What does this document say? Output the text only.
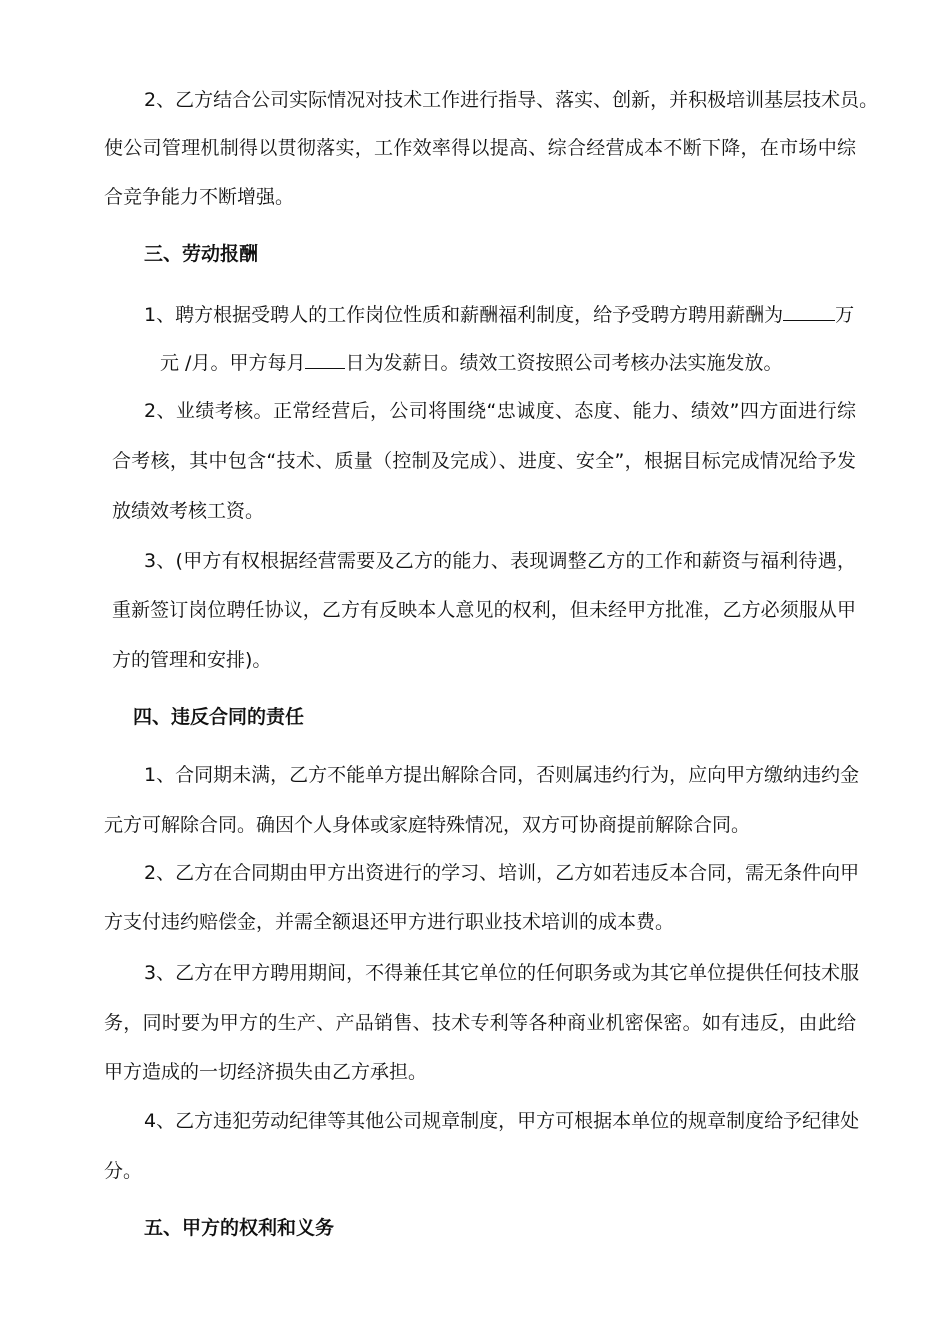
2、乙方结合公司实际情况对技术工作进行指导、落实、创新，并积极培训基层技术员。
使公司管理机制得以贯彻落实，工作效率得以提高、综合经营成本不断下降，在市场中综
合竞争能力不断增强。
三、劳动报酬
1、聘方根据受聘人的工作岗位性质和薪酬福利制度，给予受聘方聘用薪酬为	万
元 /月。甲方每月 日为发薪日。绩效工资按照公司考核办法实施发放。
2、业绩考核。正常经营后，公司将围绕“忠诚度、态度、能力、绩效”四方面进行综
合考核，其中包含“技术、质量（控制及完成）、进度、安全”，根据目标完成情况给予发
放绩效考核工资。
3、(甲方有权根据经营需要及乙方的能力、表现调整乙方的工作和薪资与福利待遇，
重新签订岗位聘任协议，乙方有反映本人意见的权利，但未经甲方批准，乙方必须服从甲
方的管理和安排)。
四、违反合同的责任
1、合同期未满，乙方不能单方提出解除合同，否则属违约行为，应向甲方缴纳违约金
元方可解除合同。确因个人身体或家庭特殊情况，双方可协商提前解除合同。
2、乙方在合同期由甲方出资进行的学习、培训，乙方如若违反本合同，需无条件向甲
方支付违约赔偿金，并需全额退还甲方进行职业技术培训的成本费。
3、乙方在甲方聘用期间，不得兼任其它单位的任何职务或为其它单位提供任何技术服
务，同时要为甲方的生产、产品销售、技术专利等各种商业机密保密。如有违反，由此给
甲方造成的一切经济损失由乙方承担。
4、乙方违犯劳动纪律等其他公司规章制度，甲方可根据本单位的规章制度给予纪律处
分。
五、甲方的权利和义务
